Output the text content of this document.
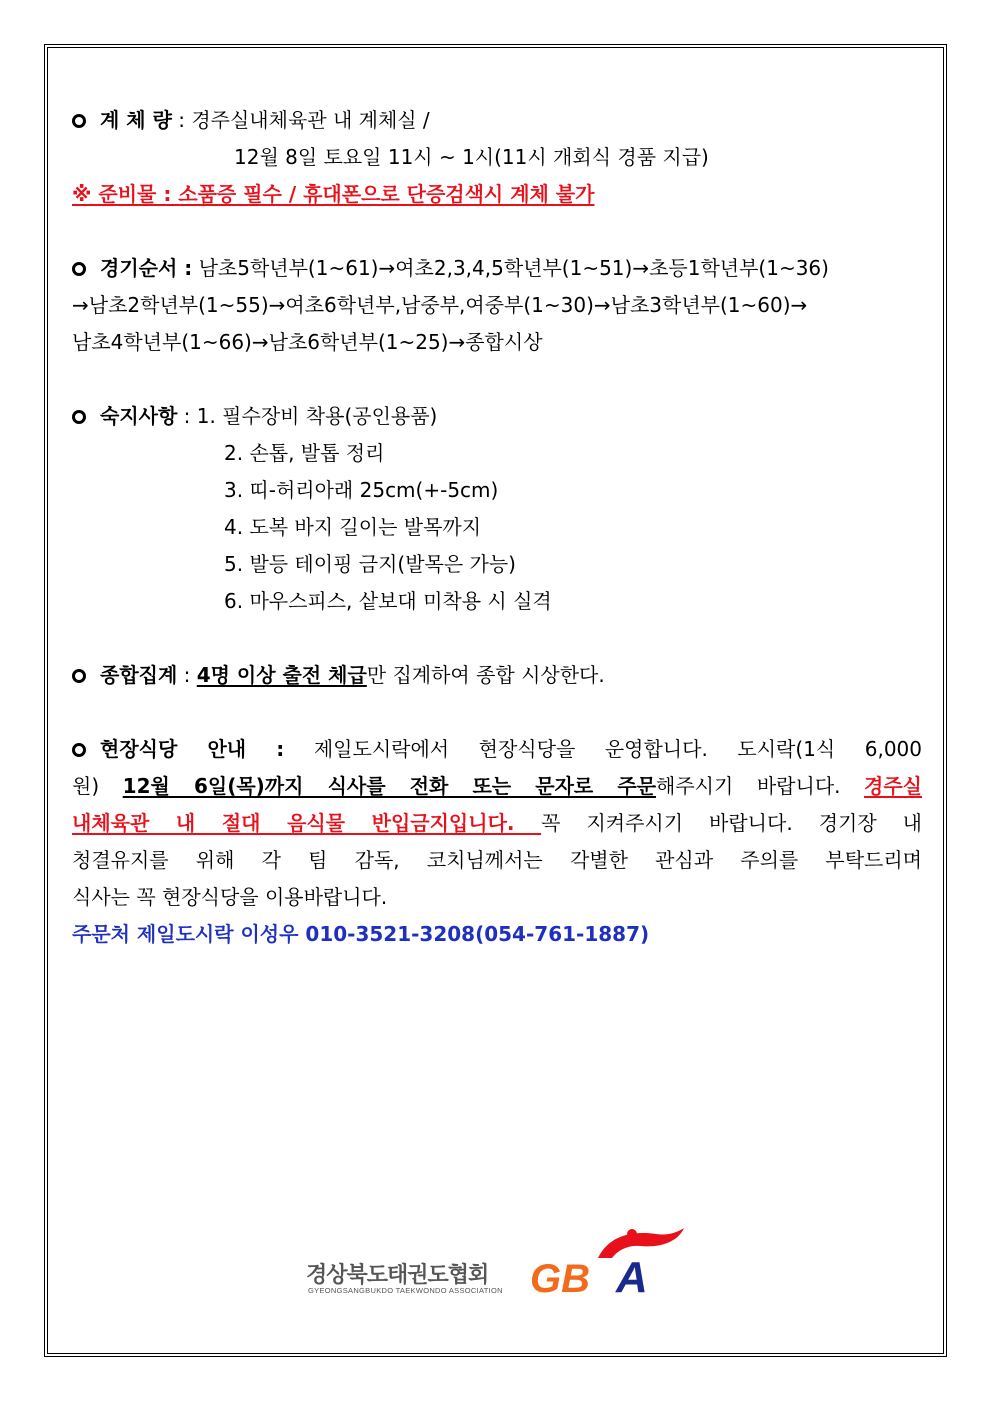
계 체 량 : 경주실내체육관 내 계체실 /
12월 8일 토요일 11시 ~ 1시(11시 개회식 경품 지급)
※ 준비물 : 소품증 필수 / 휴대폰으로 단증검색시 계체 불가
경기순서 : 남초5학년부(1~61)→여초2,3,4,5학년부(1~51)→초등1학년부(1~36)
→남초2학년부(1~55)→여초6학년부,남중부,여중부(1~30)→남초3학년부(1~60)→
남초4학년부(1~66)→남초6학년부(1~25)→종합시상
숙지사항 : 1. 필수장비 착용(공인용품)
2. 손톱, 발톱 정리
3. 띠-허리아래 25cm(+-5cm)
4. 도복 바지 길이는 발목까지
5. 발등 테이핑 금지(발목은 가능)
6. 마우스피스, 샅보대 미착용 시 실격
종합집계 : 4명 이상 출전 체급만 집계하여 종합 시상한다.
현장식당 안내 : 제일도시락에서 현장식당을 운영합니다. 도시락(1식 6,000
원) 12월 6일(목)까지 식사를 전화 또는 문자로 주문해주시기 바랍니다. 경주실
내체육관 내 절대 음식물 반입금지입니다. 꼭 지켜주시기 바랍니다. 경기장 내
청결유지를 위해 각 팀 감독, 코치님께서는 각별한 관심과 주의를 부탁드리며
식사는 꼭 현장식당을 이용바랍니다.
주문처 제일도시락 이성우 010-3521-3208(054-761-1887)
경상북도태권도협회
GYEONGSANGBUKDO TAEKWONDO ASSOCIATION GB A
